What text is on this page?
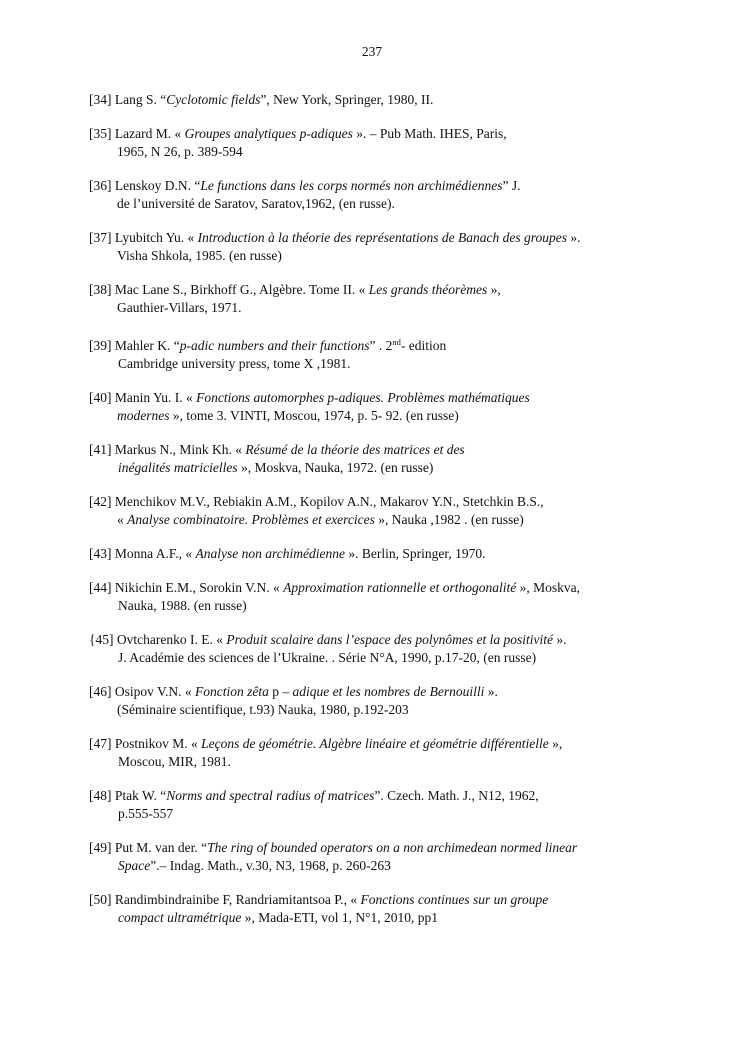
237
[34] Lang S. “Cyclotomic fields”, New York, Springer, 1980, II.
[35] Lazard M. « Groupes analytiques p-adiques ». – Pub Math. IHES, Paris,
1965, N 26, p. 389-594
[36] Lenskoy D.N. “Le functions dans les corps normés non archimédiennes” J.
de l’université de Saratov, Saratov,1962, (en russe).
[37] Lyubitch Yu. « Introduction à la théorie des représentations de Banach des groupes ».
Visha Shkola, 1985. (en russe)
[38] Mac Lane S., Birkhoff G., Algèbre. Tome II. « Les grands théorèmes »,
Gauthier-Villars, 1971.
[39] Mahler K. “p-adic numbers and their functions” . 2nd- edition
Cambridge university press, tome X ,1981.
[40] Manin Yu. I. « Fonctions automorphes p-adiques. Problèmes mathématiques
modernes », tome 3. VINTI, Moscou, 1974, p. 5- 92. (en russe)
[41] Markus N., Mink Kh. « Résumé de la théorie des matrices et des
inégalités matricielles », Moskva, Nauka, 1972. (en russe)
[42] Menchikov M.V., Rebiakin A.M., Kopilov A.N., Makarov Y.N., Stetchkin B.S.,
« Analyse combinatoire. Problèmes et exercices », Nauka ,1982 . (en russe)
[43] Monna A.F., « Analyse non archimédienne ». Berlin, Springer, 1970.
[44] Nikichin E.M., Sorokin V.N. « Approximation rationnelle et orthogonalité », Moskva,
Nauka, 1988. (en russe)
{45] Ovtcharenko I. E. « Produit scalaire dans l’espace des polynômes et la positivité ».
J. Académie des sciences de l’Ukraine. . Série N°A, 1990, p.17-20, (en russe)
[46] Osipov V.N. « Fonction zêta p – adique et les nombres de Bernouilli ».
(Séminaire scientifique, t.93) Nauka, 1980, p.192-203
[47] Postnikov M. « Leçons de géométrie. Algèbre linéaire et géométrie différentielle »,
Moscou, MIR, 1981.
[48] Ptak W. “Norms and spectral radius of matrices”. Czech. Math. J., N12, 1962,
p.555-557
[49] Put M. van der. “The ring of bounded operators on a non archimedean normed linear
Space”.– Indag. Math., v.30, N3, 1968, p. 260-263
[50] Randimbindrainibe F, Randriamitantsoa P., « Fonctions continues sur un groupe
compact ultramétrique », Mada-ETI, vol 1, N°1, 2010, pp1
